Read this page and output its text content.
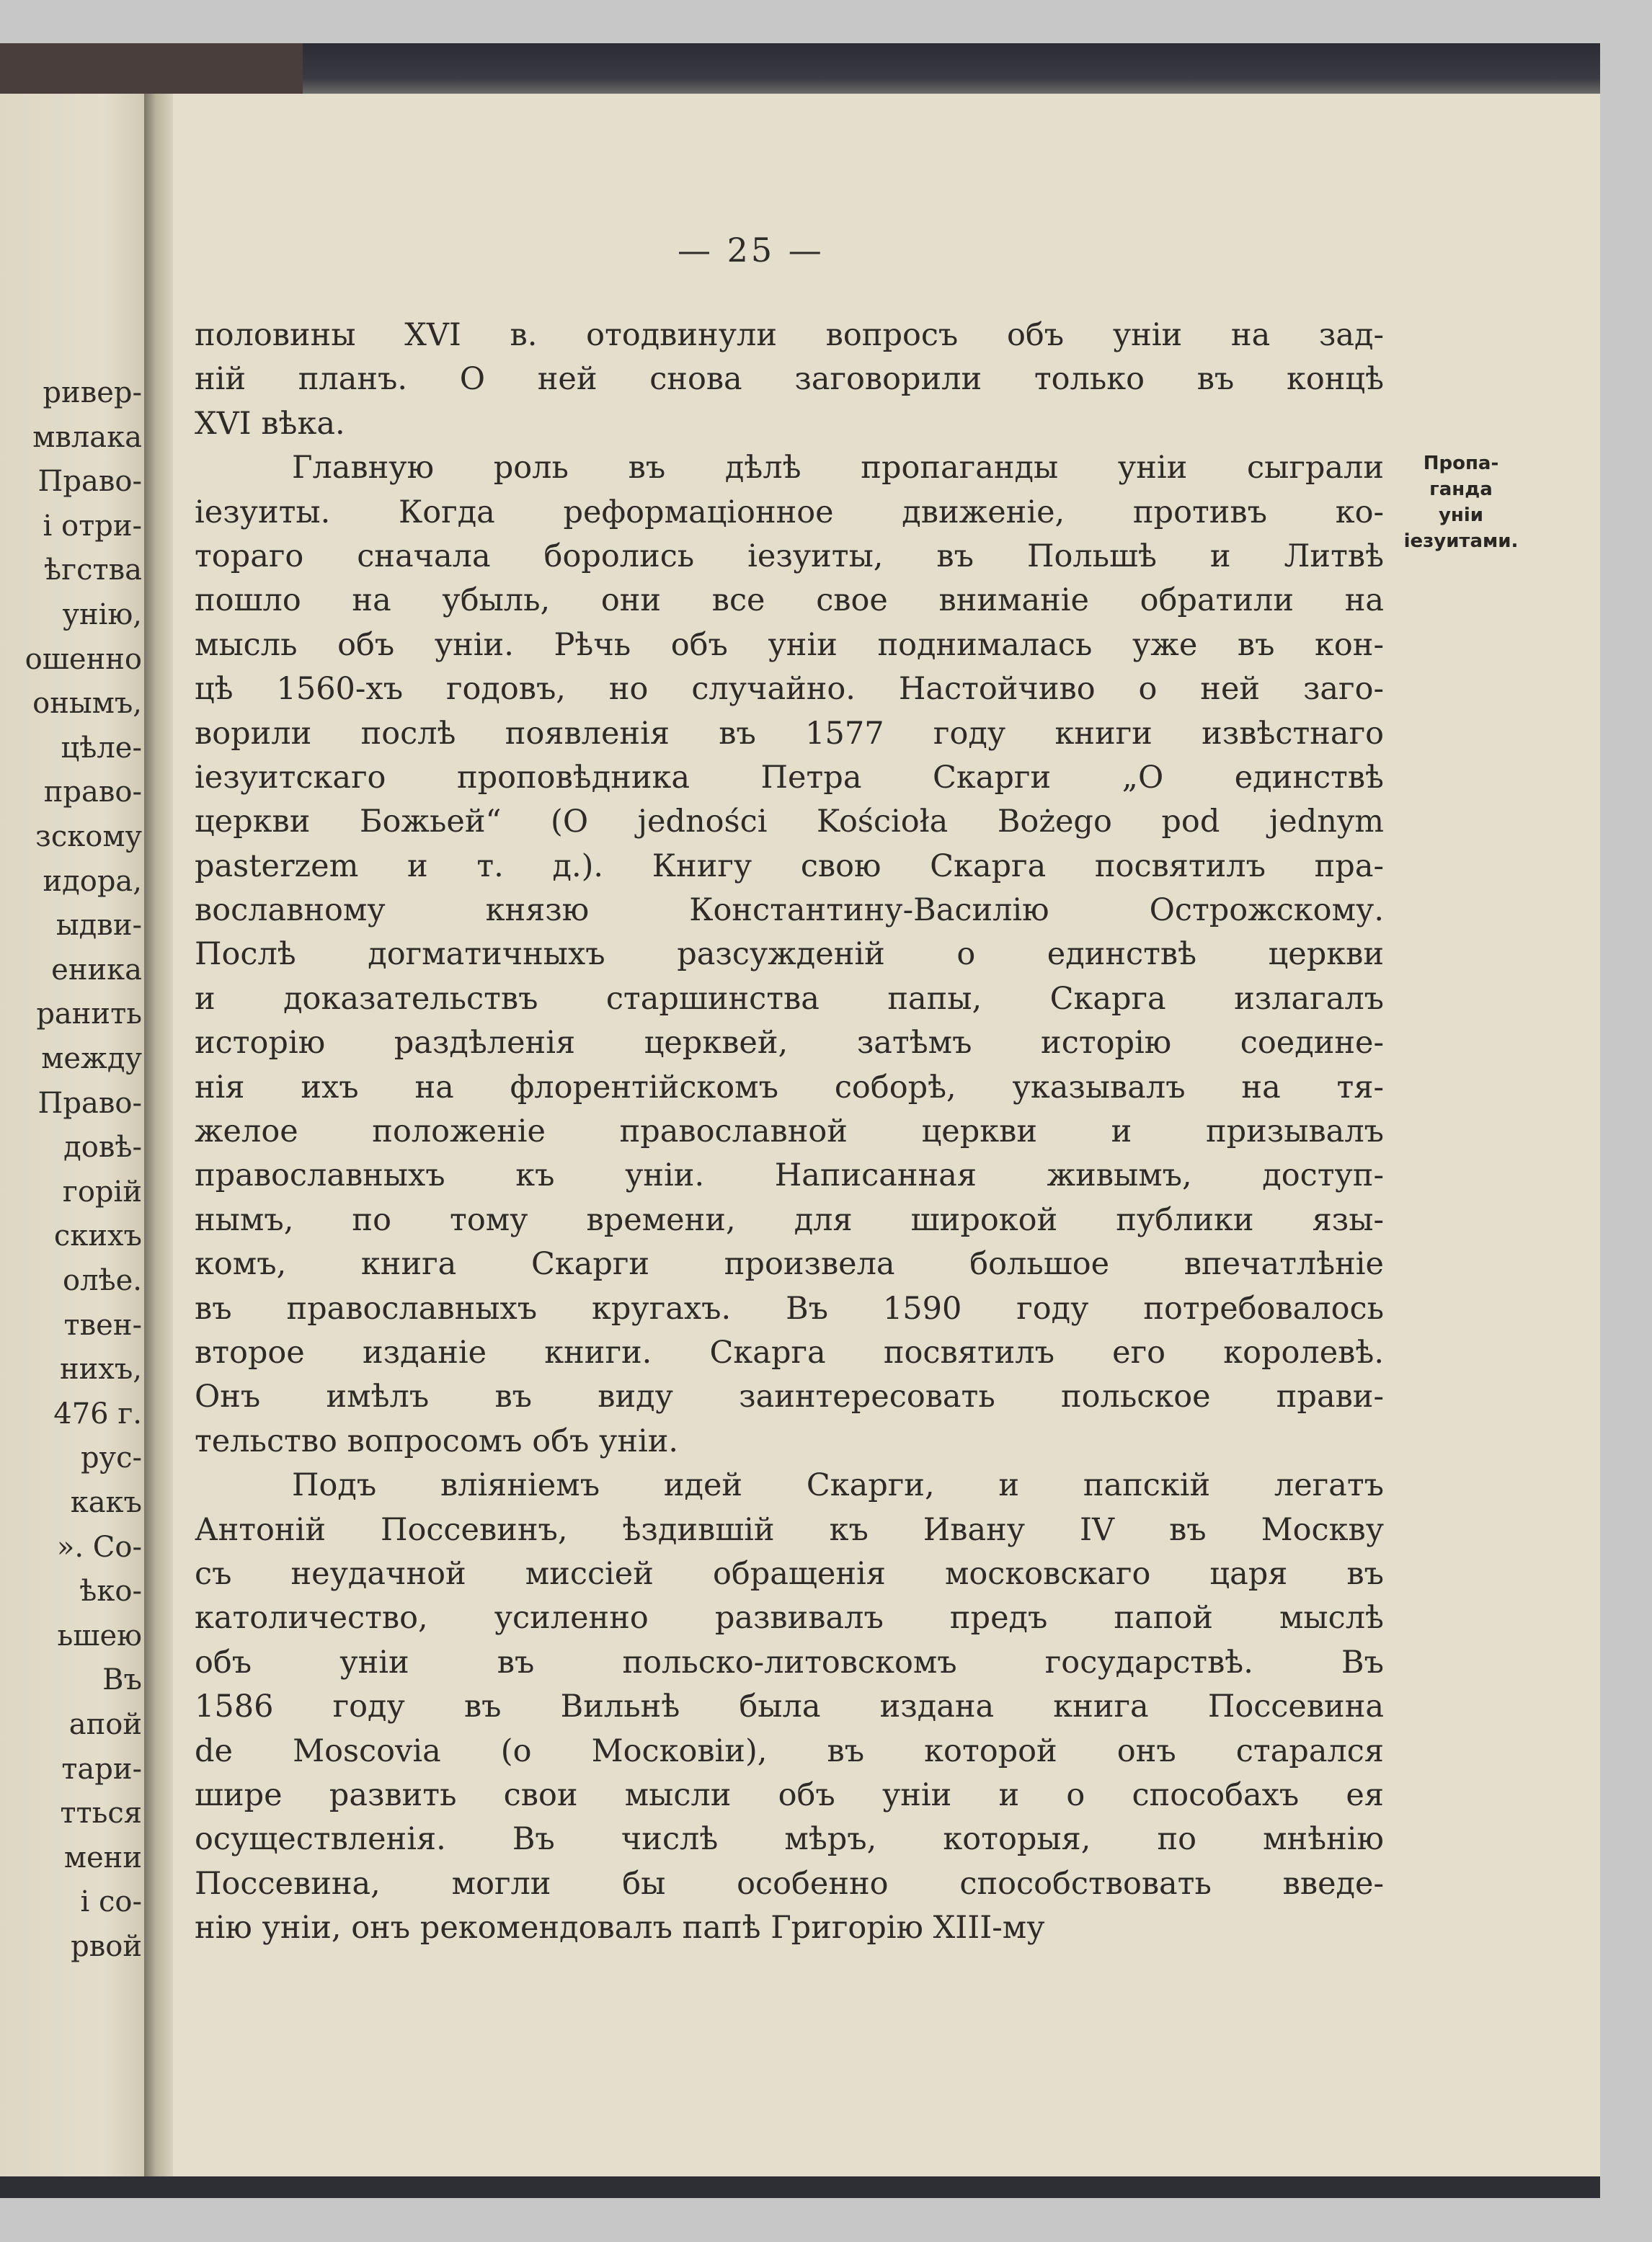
ривер-
мвлака
Право-
і отри-
ѣгства
унію,
ошенно
онымъ,
цѣле-
право-
зскому
идора,
ыдви-
еника
ранить
между
Право-
довѣ-
горій
скихъ
олѣе.
твен-
нихъ,
476 г.
рус-
какъ
». Со-
ѣко-
ьшею
Въ
апой
тари-
тться
мени
і со-
рвой
— 25 —
половины XVI в. отодвинули вопросъ объ уніи на зад-
ній планъ. О ней снова заговорили только въ концѣ
XVI вѣка.
Главную роль въ дѣлѣ пропаганды уніи сыграли
іезуиты. Когда реформаціонное движеніе, противъ ко-
тораго сначала боролись іезуиты, въ Польшѣ и Литвѣ
пошло на убыль, они все свое вниманіе обратили на
мысль объ уніи. Рѣчь объ уніи поднималась уже въ кон-
цѣ 1560-хъ годовъ, но случайно. Настойчиво о ней заго-
ворили послѣ появленія въ 1577 году книги извѣстнаго
іезуитскаго проповѣдника Петра Скарги „О единствѣ
церкви Божьей“ (O jedności Kościoła Bożego pod jednym
pasterzem и т. д.). Книгу свою Скарга посвятилъ пра-
вославному князю Константину-Василію Острожскому.
Послѣ догматичныхъ разсужденій о единствѣ церкви
и доказательствъ старшинства папы, Скарга излагалъ
исторію раздѣленія церквей, затѣмъ исторію соедине-
нія ихъ на флорентійскомъ соборѣ, указывалъ на тя-
желое положеніе православной церкви и призывалъ
православныхъ къ уніи. Написанная живымъ, доступ-
нымъ, по тому времени, для широкой публики язы-
комъ, книга Скарги произвела большое впечатлѣніе
въ православныхъ кругахъ. Въ 1590 году потребовалось
второе изданіе книги. Скарга посвятилъ его королевѣ.
Онъ имѣлъ въ виду заинтересовать польское прави-
тельство вопросомъ объ уніи.
Подъ вліяніемъ идей Скарги, и папскій легатъ
Антоній Поссевинъ, ѣздившій къ Ивану IV въ Москву
съ неудачной миссіей обращенія московскаго царя въ
католичество, усиленно развивалъ предъ папой мыслѣ
объ уніи въ польско-литовскомъ государствѣ. Въ
1586 году въ Вильнѣ была издана книга Поссевина
de Moscovia (о Московіи), въ которой онъ старался
шире развить свои мысли объ уніи и о способахъ ея
осуществленія. Въ числѣ мѣръ, которыя, по мнѣнію
Поссевина, могли бы особенно способствовать введе-
нію уніи, онъ рекомендовалъ папѣ Григорію XIII-му
Пропа-
ганда
уніи
іезуитами.
